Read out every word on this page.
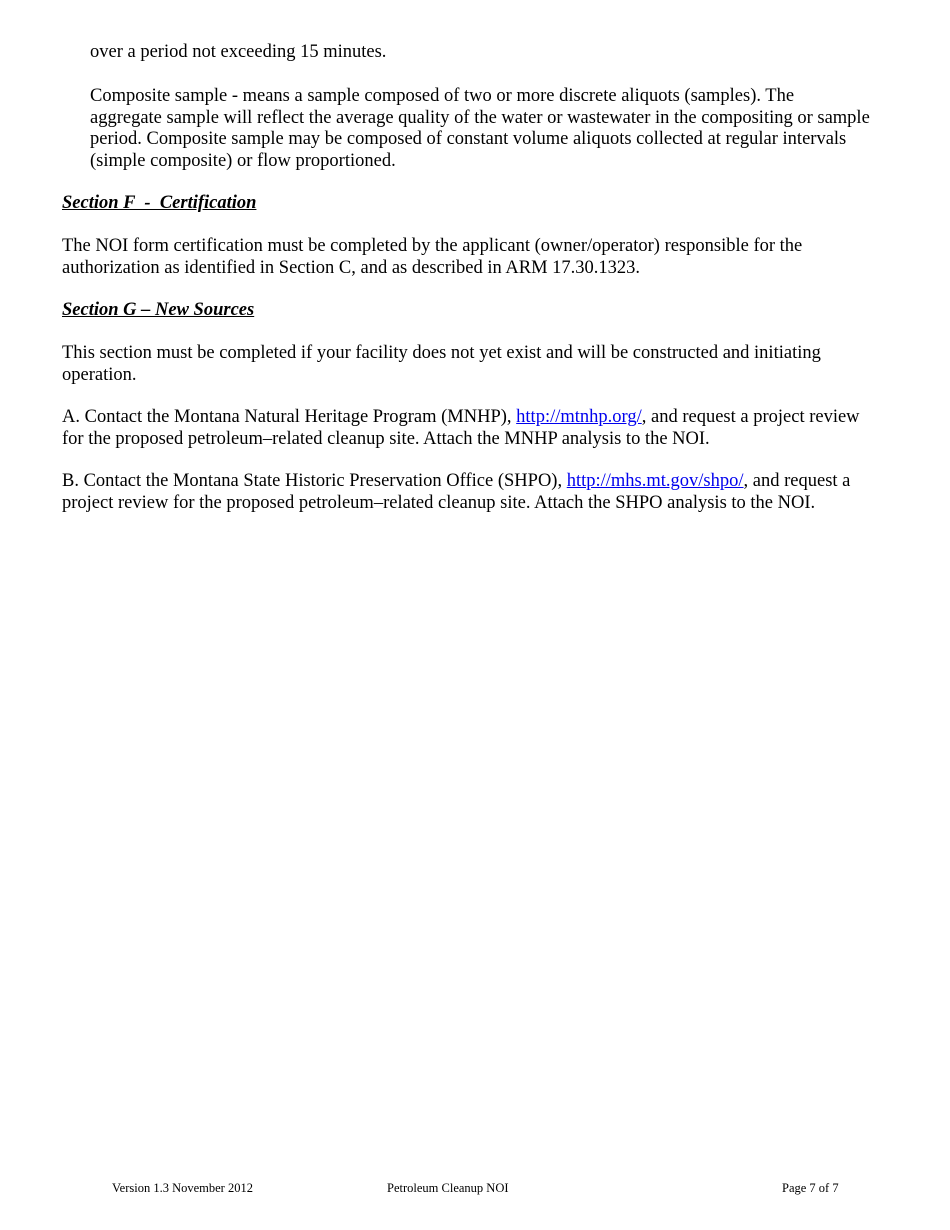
over a period not exceeding 15 minutes.

Composite sample - means a sample composed of two or more discrete aliquots (samples). The aggregate sample will reflect the average quality of the water or wastewater in the compositing or sample period. Composite sample may be composed of constant volume aliquots collected at regular intervals (simple composite) or flow proportioned.

Section F  -  Certification

The NOI form certification must be completed by the applicant (owner/operator) responsible for the authorization as identified in Section C, and as described in ARM 17.30.1323.

Section G – New Sources

This section must be completed if your facility does not yet exist and will be constructed and initiating operation.

A. Contact the Montana Natural Heritage Program (MNHP), http://mtnhp.org/, and request a project review for the proposed petroleum–related cleanup site. Attach the MNHP analysis to the NOI.

B. Contact the Montana State Historic Preservation Office (SHPO), http://mhs.mt.gov/shpo/, and request a project review for the proposed petroleum–related cleanup site. Attach the SHPO analysis to the NOI.

Version 1.3 November 2012	Petroleum Cleanup NOI	Page 7 of 7
